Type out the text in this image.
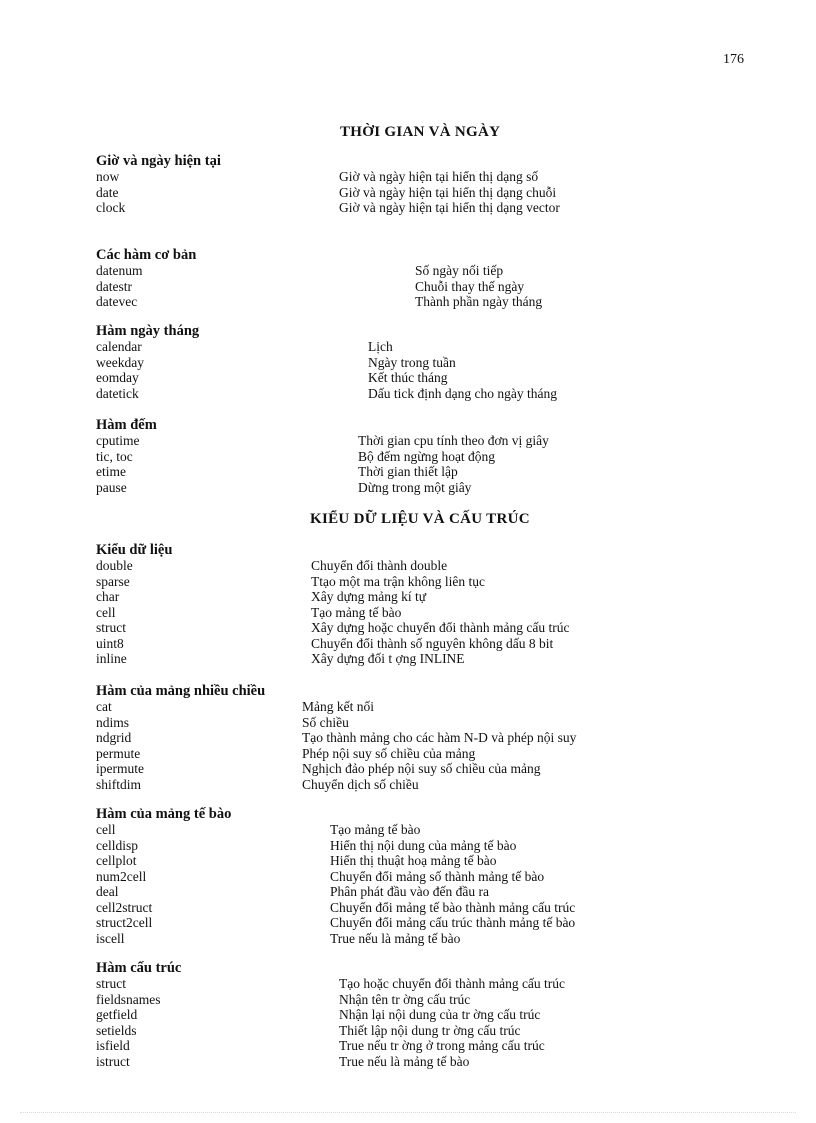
176
THỜI GIAN VÀ NGÀY
Giờ và ngày hiện tại
now	Giờ và ngày hiện tại hiển thị dạng số
date	Giờ và ngày hiện tại hiển thị dạng chuỗi
clock	Giờ và ngày hiện tại hiển thị dạng vector
Các hàm cơ bản
datenum	Số ngày nối tiếp
datestr	Chuỗi thay thế ngày
datevec	Thành phần ngày tháng
Hàm ngày tháng
calendar	Lịch
weekday	Ngày trong tuần
eomday	Kết thúc tháng
datetick	Dấu tick định dạng cho ngày tháng
Hàm đếm
cputime	Thời gian cpu tính theo đơn vị giây
tic, toc	Bộ đếm ngừng hoạt động
etime	Thời gian thiết lập
pause	Dừng trong một giây
KIỂU DỮ LIỆU VÀ CẤU TRÚC
Kiểu dữ liệu
double	Chuyển đổi thành double
sparse	Ttạo một ma trận không liên tục
char	Xây dựng mảng kí tự
cell	Tạo mảng tế bào
struct	Xây dựng hoặc chuyển đổi thành mảng cấu trúc
uint8	Chuyển đổi thành số nguyên không dấu 8 bit
inline	Xây dựng đối t ợng INLINE
Hàm của mảng nhiều chiều
cat	Mảng kết nối
ndims	Số chiều
ndgrid	Tạo thành mảng cho các hàm N-D và phép nội suy
permute	Phép nội suy số chiều của mảng
ipermute	Nghịch đảo phép nội suy số chiều của mảng
shiftdim	Chuyển dịch số chiều
Hàm của mảng tế bào
cell	Tạo mảng tế bào
celldisp	Hiển thị nội dung của mảng tế bào
cellplot	Hiển thị thuật hoạ mảng tế bào
num2cell	Chuyển đổi mảng số thành mảng tế bào
deal	Phân phát đầu vào đến đầu ra
cell2struct	Chuyển đổi mảng tế bào thành mảng cấu trúc
struct2cell	Chuyển đổi mảng cấu trúc thành mảng tế bào
iscell	True nếu là mảng tế bào
Hàm cấu trúc
struct	Tạo hoặc chuyển đổi thành mảng cấu trúc
fieldsnames	Nhận tên tr ờng cấu trúc
getfield	Nhận lại nội dung của tr ờng cấu trúc
setields	Thiết lập nội dung tr ờng cấu trúc
isfield	True nếu tr ờng ở trong mảng cấu trúc
istruct	True nếu là mảng tế bào
